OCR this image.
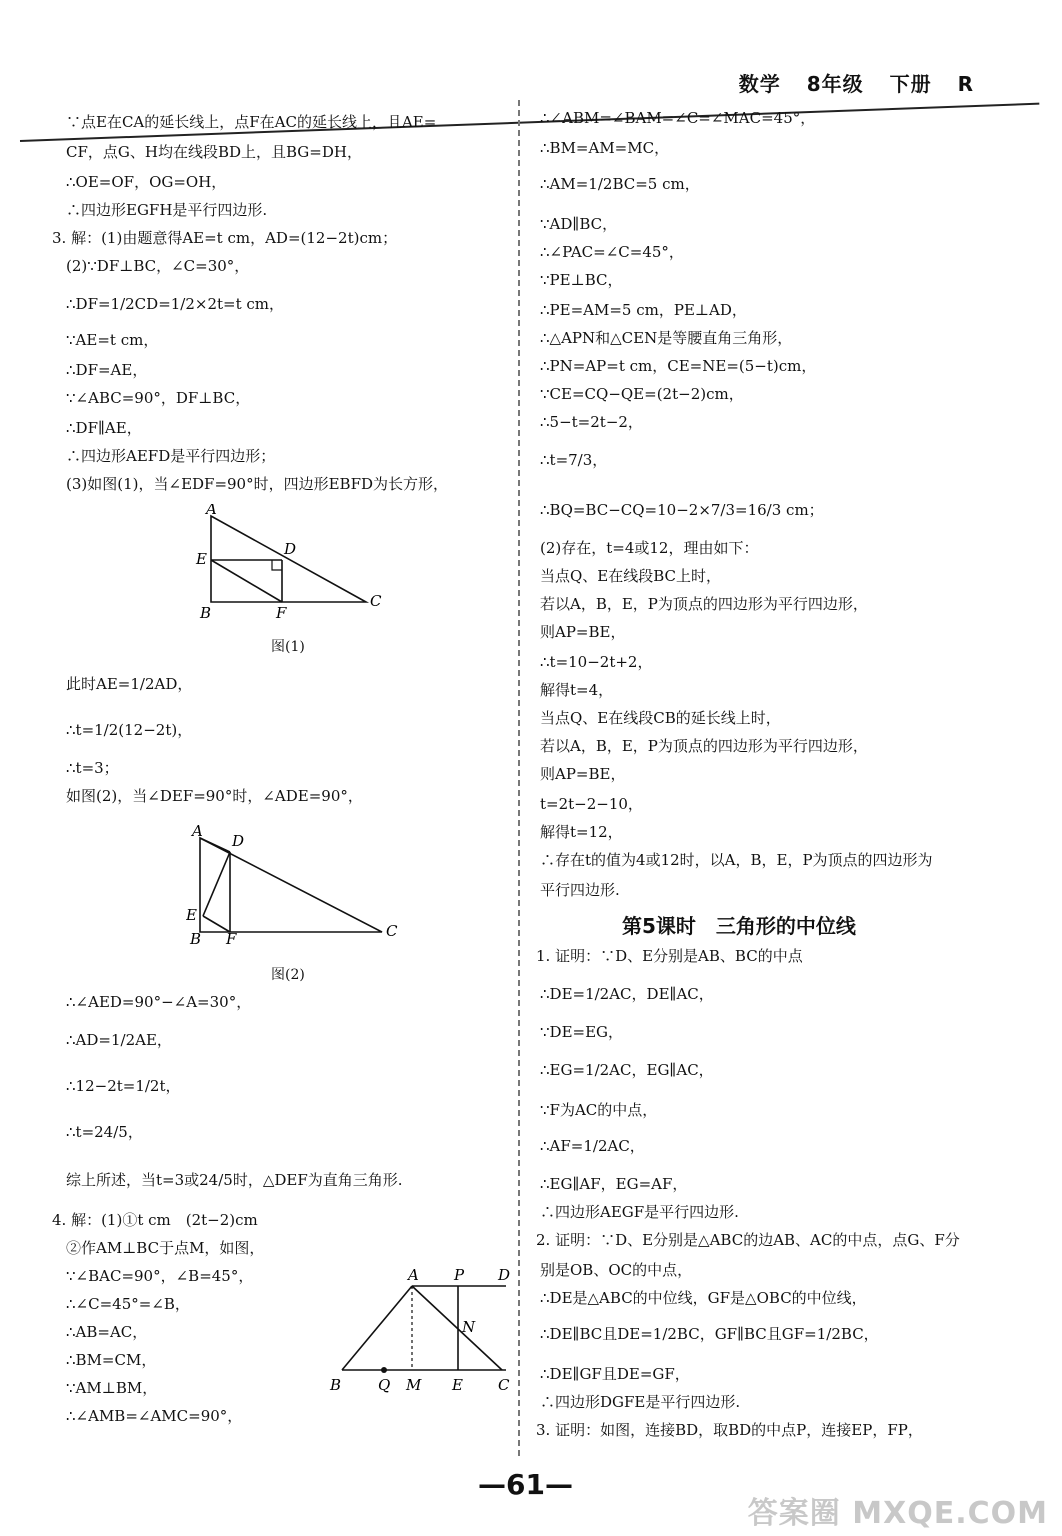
数学 8年级 下册 R
∵点E在CA的延长线上，点F在AC的延长线上，且AE=
CF，点G、H均在线段BD上，且BG=DH，
∴OE=OF，OG=OH，
∴四边形EGFH是平行四边形.
3. 解：(1)由题意得AE=t cm，AD=(12−2t)cm；
(2)∵DF⊥BC，∠C=30°，
∴DF=1/2CD=1/2×2t=t cm，
∵AE=t cm，
∴DF=AE，
∵∠ABC=90°，DF⊥BC，
∴DF∥AE，
∴四边形AEFD是平行四边形；
(3)如图(1)，当∠EDF=90°时，四边形EBFD为长方形，
A
E
D
B	F
C
图(1)
此时AE=1/2AD，
∴t=1/2(12−2t)，
∴t=3；
如图(2)，当∠DEF=90°时，∠ADE=90°，
A
D
E
B F	C
图(2)
∴∠AED=90°−∠A=30°，
∴AD=1/2AE，
∴12−2t=1/2t，
∴t=24/5，
综上所述，当t=3或24/5时，△DEF为直角三角形.
4. 解：(1)①t cm　(2t−2)cm
②作AM⊥BC于点M，如图，
∵∠BAC=90°，∠B=45°，
∴∠C=45°=∠B，
∴AB=AC，
∴BM=CM，
∵AM⊥BM，
∴∠AMB=∠AMC=90°，
A P D
N
B Q M E C
∴∠ABM=∠BAM=∠C=∠MAC=45°，
∴BM=AM=MC，
∴AM=1/2BC=5 cm，
∵AD∥BC，
∴∠PAC=∠C=45°，
∵PE⊥BC，
∴PE=AM=5 cm，PE⊥AD，
∴△APN和△CEN是等腰直角三角形，
∴PN=AP=t cm，CE=NE=(5−t)cm，
∵CE=CQ−QE=(2t−2)cm，
∴5−t=2t−2，
∴t=7/3，
∴BQ=BC−CQ=10−2×7/3=16/3 cm；
(2)存在，t=4或12，理由如下：
当点Q、E在线段BC上时，
若以A，B，E，P为顶点的四边形为平行四边形，
则AP=BE，
∴t=10−2t+2，
解得t=4，
当点Q、E在线段CB的延长线上时，
若以A，B，E，P为顶点的四边形为平行四边形，
则AP=BE，
t=2t−2−10，
解得t=12，
∴存在t的值为4或12时，以A，B，E，P为顶点的四边形为
平行四边形.
第5课时　三角形的中位线
1. 证明：∵D、E分别是AB、BC的中点
∴DE=1/2AC，DE∥AC，
∵DE=EG，
∴EG=1/2AC，EG∥AC，
∵F为AC的中点，
∴AF=1/2AC，
∴EG∥AF，EG=AF，
∴四边形AEGF是平行四边形.
2. 证明：∵D、E分别是△ABC的边AB、AC的中点，点G、F分
别是OB、OC的中点，
∴DE是△ABC的中位线，GF是△OBC的中位线，
∴DE∥BC且DE=1/2BC，GF∥BC且GF=1/2BC，
∴DE∥GF且DE=GF，
∴四边形DGFE是平行四边形.
3. 证明：如图，连接BD，取BD的中点P，连接EP，FP，
—61—
答案圈 MXQE.COM
